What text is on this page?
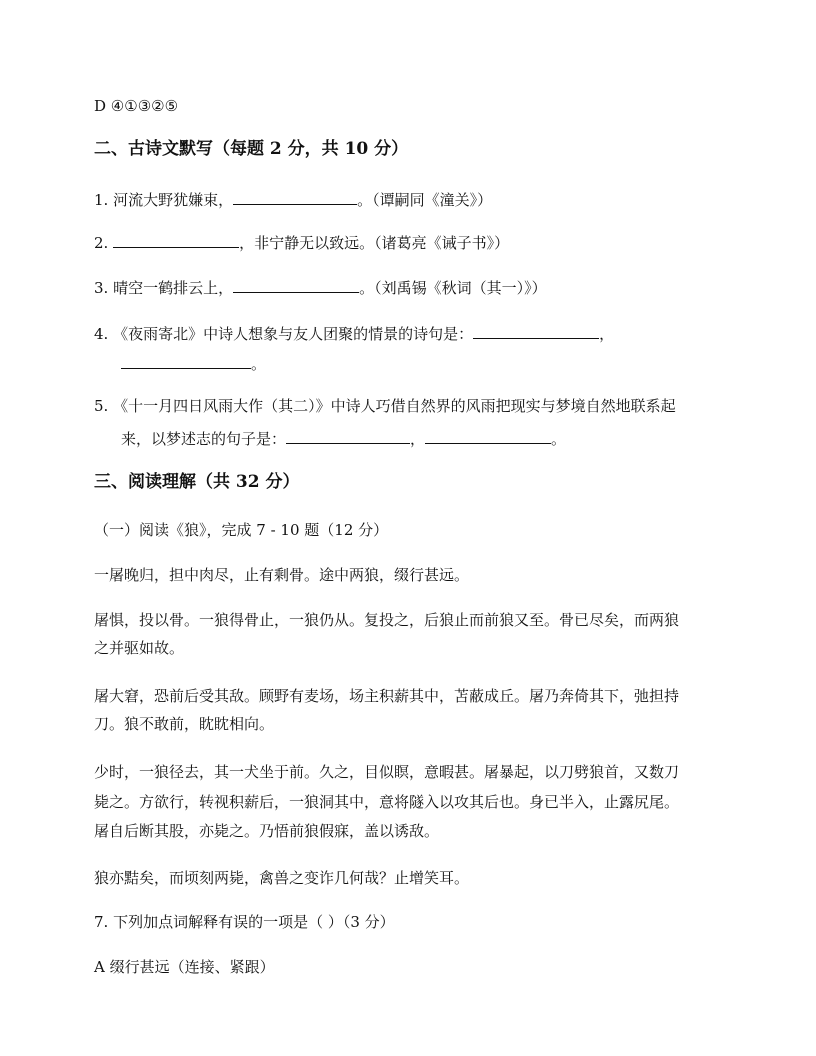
D ④①③②⑤
二、古诗文默写（每题 2 分，共 10 分）
1. 河流大野犹嫌束，	。（谭嗣同《潼关》）
2.	，非宁静无以致远。（诸葛亮《诫子书》）
3. 晴空一鹤排云上，	。（刘禹锡《秋词（其一）》）
4. 《夜雨寄北》中诗人想象与友人团聚的情景的诗句是：	，
。
5. 《十一月四日风雨大作（其二）》中诗人巧借自然界的风雨把现实与梦境自然地联系起
来，以梦述志的句子是：	，	。
三、阅读理解（共 32 分）
（一）阅读《狼》，完成 7 - 10 题（12 分）
一屠晚归，担中肉尽，止有剩骨。途中两狼，缀行甚远。
屠惧，投以骨。一狼得骨止，一狼仍从。复投之，后狼止而前狼又至。骨已尽矣，而两狼
之并驱如故。
屠大窘，恐前后受其敌。顾野有麦场，场主积薪其中，苫蔽成丘。屠乃奔倚其下，弛担持
刀。狼不敢前，眈眈相向。
少时，一狼径去，其一犬坐于前。久之，目似瞑，意暇甚。屠暴起，以刀劈狼首，又数刀
毙之。方欲行，转视积薪后，一狼洞其中，意将隧入以攻其后也。身已半入，止露尻尾。
屠自后断其股，亦毙之。乃悟前狼假寐，盖以诱敌。
狼亦黠矣，而顷刻两毙，禽兽之变诈几何哉？止增笑耳。
7. 下列加点词解释有误的一项是（ ）（3 分）
A 缀行甚远（连接、紧跟）
